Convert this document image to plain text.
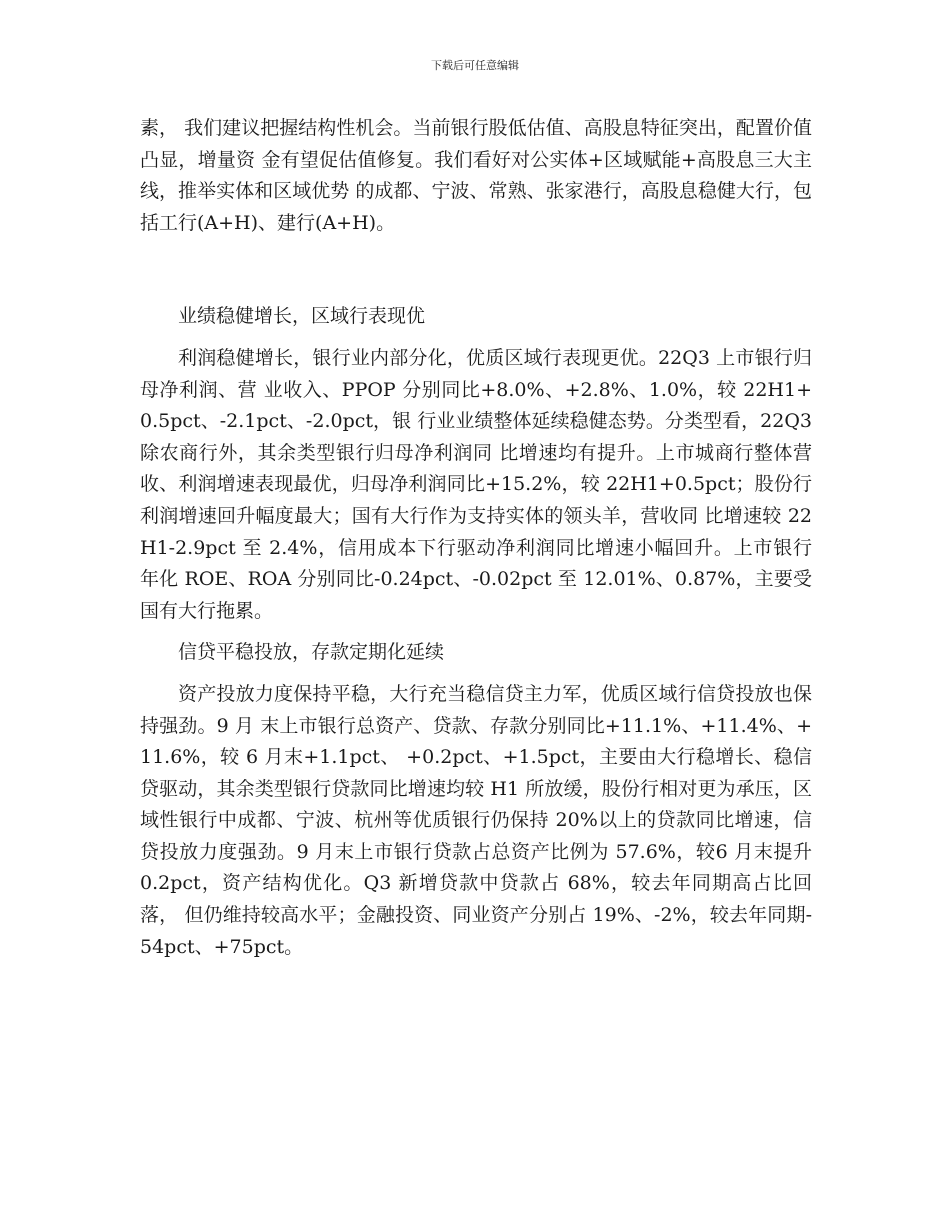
下载后可任意编辑

素， 我们建议把握结构性机会。当前银行股低估值、高股息特征突出，配置价值凸显，增量资 金有望促估值修复。我们看好对公实体+区域赋能+高股息三大主线，推举实体和区域优势 的成都、宁波、常熟、张家港行，高股息稳健大行，包括工行(A+H)、建行(A+H)。

业绩稳健增长，区域行表现优

利润稳健增长，银行业内部分化，优质区域行表现更优。22Q3 上市银行归母净利润、营 业收入、PPOP 分别同比+8.0%、+2.8%、1.0%，较 22H1+0.5pct、-2.1pct、-2.0pct，银 行业业绩整体延续稳健态势。分类型看，22Q3 除农商行外，其余类型银行归母净利润同 比增速均有提升。上市城商行整体营收、利润增速表现最优，归母净利润同比+15.2%，较 22H1+0.5pct；股份行利润增速回升幅度最大；国有大行作为支持实体的领头羊，营收同 比增速较 22H1-2.9pct 至 2.4%，信用成本下行驱动净利润同比增速小幅回升。上市银行 年化 ROE、ROA 分别同比-0.24pct、-0.02pct 至 12.01%、0.87%，主要受国有大行拖累。

信贷平稳投放，存款定期化延续

资产投放力度保持平稳，大行充当稳信贷主力军，优质区域行信贷投放也保持强劲。9 月 末上市银行总资产、贷款、存款分别同比+11.1%、+11.4%、+11.6%，较 6 月末+1.1pct、 +0.2pct、+1.5pct，主要由大行稳增长、稳信贷驱动，其余类型银行贷款同比增速均较 H1 所放缓，股份行相对更为承压，区域性银行中成都、宁波、杭州等优质银行仍保持 20%以上的贷款同比增速，信贷投放力度强劲。9 月末上市银行贷款占总资产比例为 57.6%，较6 月末提升 0.2pct，资产结构优化。Q3 新增贷款中贷款占 68%，较去年同期高占比回落， 但仍维持较高水平；金融投资、同业资产分别占 19%、-2%，较去年同期-54pct、+75pct。
